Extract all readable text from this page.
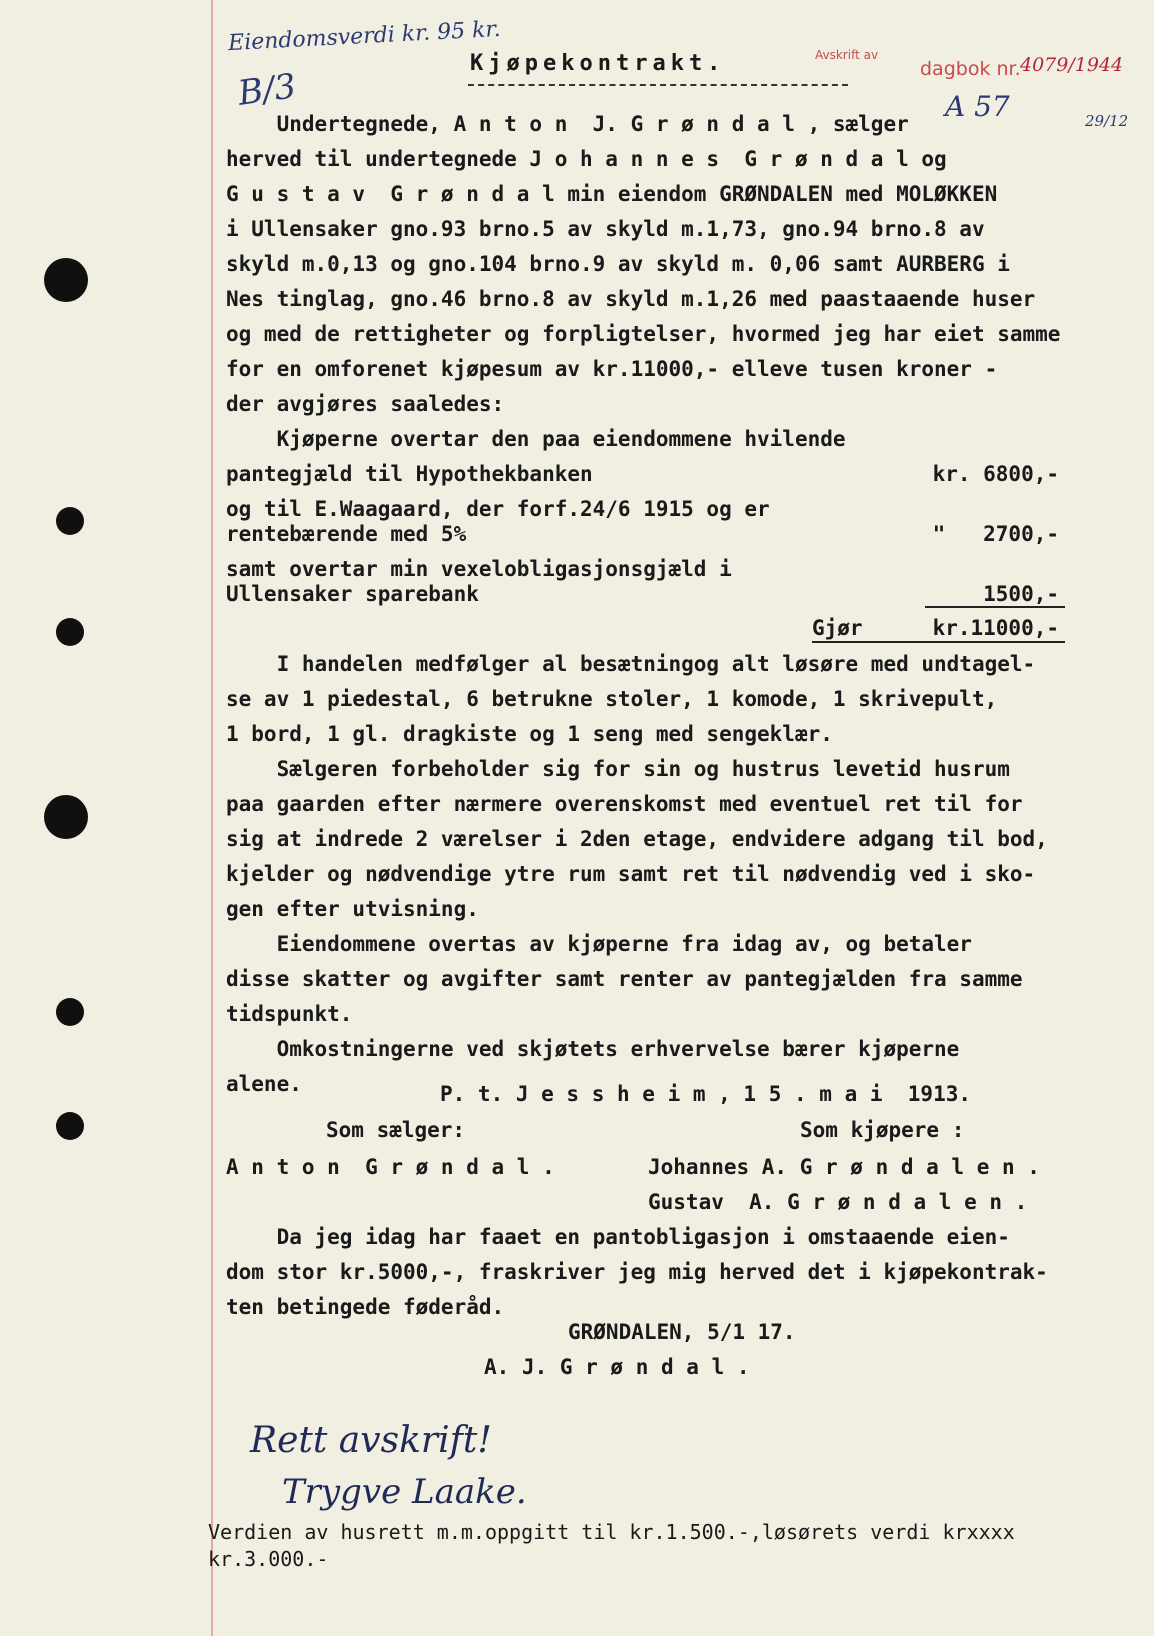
Eiendomsverdi kr. 95 kr.
B/3
Kjøpekontrakt.	Avskrift av
dagbok nr. 4079/1944
A 57	29/12
Undertegnede, A n t o n  J. G r ø n d a l , sælger
herved til undertegnede J o h a n n e s  G r ø n d a l og
G u s t a v  G r ø n d a l min eiendom GRØNDALEN med MOLØKKEN
i Ullensaker gno.93 brno.5 av skyld m.1,73, gno.94 brno.8 av
skyld m.0,13 og gno.104 brno.9 av skyld m. 0,06 samt AURBERG i
Nes tinglag, gno.46 brno.8 av skyld m.1,26 med paastaaende huser
og med de rettigheter og forpligtelser, hvormed jeg har eiet samme
for en omforenet kjøpesum av kr.11000,- elleve tusen kroner -
der avgjøres saaledes:
Kjøperne overtar den paa eiendommene hvilende
pantegjæld til Hypothekbanken	kr. 6800,-
og til E.Waagaard, der forf.24/6 1915 og er
rentebærende med 5%	"   2700,-
samt overtar min vexelobligasjonsgjæld i
Ullensaker sparebank	1500,-
Gjør	kr.11000,-
I handelen medfølger al besætningog alt løsøre med undtagel-
se av 1 piedestal, 6 betrukne stoler, 1 komode, 1 skrivepult,
1 bord, 1 gl. dragkiste og 1 seng med sengeklær.
Sælgeren forbeholder sig for sin og hustrus levetid husrum
paa gaarden efter nærmere overenskomst med eventuel ret til for
sig at indrede 2 værelser i 2den etage, endvidere adgang til bod,
kjelder og nødvendige ytre rum samt ret til nødvendig ved i sko-
gen efter utvisning.
Eiendommene overtas av kjøperne fra idag av, og betaler
disse skatter og avgifter samt renter av pantegjælden fra samme
tidspunkt.
Omkostningerne ved skjøtets erhvervelse bærer kjøperne
alene.	P. t. J e s s h e i m , 1 5 . m a i  1913.
Som sælger:	Som kjøpere :
A n t o n  G r ø n d a l .	Johannes A. G r ø n d a l e n .
Gustav  A. G r ø n d a l e n .
Da jeg idag har faaet en pantobligasjon i omstaaende eien-
dom stor kr.5000,-, fraskriver jeg mig herved det i kjøpekontrak-
ten betingede føderåd.
GRØNDALEN, 5/1 17.
A. J. G r ø n d a l .
Rett avskrift!
Trygve Laake.
Verdien av husrett m.m.oppgitt til kr.1.500.-,løsørets verdi krxxxx
kr.3.000.-
